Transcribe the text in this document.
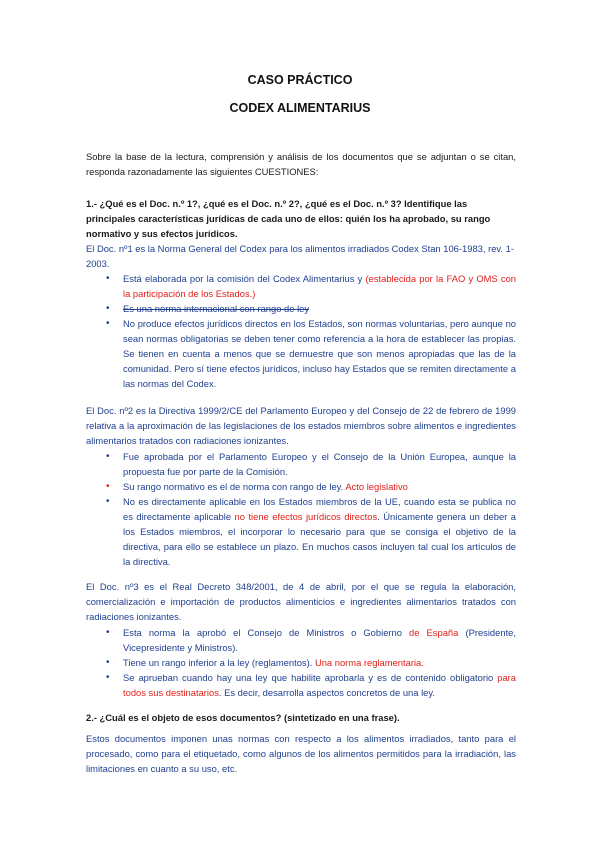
CASO PRÁCTICO
CODEX ALIMENTARIUS
Sobre la base de la lectura, comprensión y análisis de los documentos que se adjuntan o se citan, responda razonadamente las siguientes CUESTIONES:
1.- ¿Qué es el Doc. n.º 1?, ¿qué es el Doc. n.º 2?, ¿qué es el Doc. n.º 3? Identifique las principales características jurídicas de cada uno de ellos: quién los ha aprobado, su rango normativo y sus efectos jurídicos.
El Doc. nº1 es la Norma General del Codex para los alimentos irradiados Codex Stan 106-1983, rev. 1-2003.
• Está elaborada por la comisión del Codex Alimentarius y (establecida por la FAO y OMS con la participación de los Estados.)
• Es una norma internacional con rango de ley
• No produce efectos jurídicos directos en los Estados, son normas voluntarias, pero aunque no sean normas obligatorias se deben tener como referencia a la hora de establecer las propias. Se tienen en cuenta a menos que se demuestre que son menos apropiadas que las de la comunidad. Pero sí tiene efectos jurídicos, incluso hay Estados que se remiten directamente a las normas del Codex.
El Doc. nº2 es la Directiva 1999/2/CE del Parlamento Europeo y del Consejo de 22 de febrero de 1999 relativa a la aproximación de las legislaciones de los estados miembros sobre alimentos e ingredientes alimentarios tratados con radiaciones ionizantes.
• Fue aprobada por el Parlamento Europeo y el Consejo de la Unión Europea, aunque la propuesta fue por parte de la Comisión.
• Su rango normativo es el de norma con rango de ley. Acto legislativo
• No es directamente aplicable en los Estados miembros de la UE, cuando esta se publica no es directamente aplicable no tiene efectos jurídicos directos. Únicamente genera un deber a los Estados miembros, el incorporar lo necesario para que se consiga el objetivo de la directiva, para ello se establece un plazo. En muchos casos incluyen tal cual los artículos de la directiva.
El Doc. nº3 es el Real Decreto 348/2001, de 4 de abril, por el que se regula la elaboración, comercialización e importación de productos alimenticios e ingredientes alimentarios tratados con radiaciones ionizantes.
• Esta norma la aprobó el Consejo de Ministros o Gobierno de España (Presidente, Vicepresidente y Ministros).
• Tiene un rango inferior a la ley (reglamentos). Una norma reglamentaria.
• Se aprueban cuando hay una ley que habilite aprobarla y es de contenido obligatorio para todos sus destinatarios. Es decir, desarrolla aspectos concretos de una ley.
2.- ¿Cuál es el objeto de esos documentos? (sintetizado en una frase).
Estos documentos imponen unas normas con respecto a los alimentos irradiados, tanto para el procesado, como para el etiquetado, como algunos de los alimentos permitidos para la irradiación, las limitaciones en cuanto a su uso, etc.
